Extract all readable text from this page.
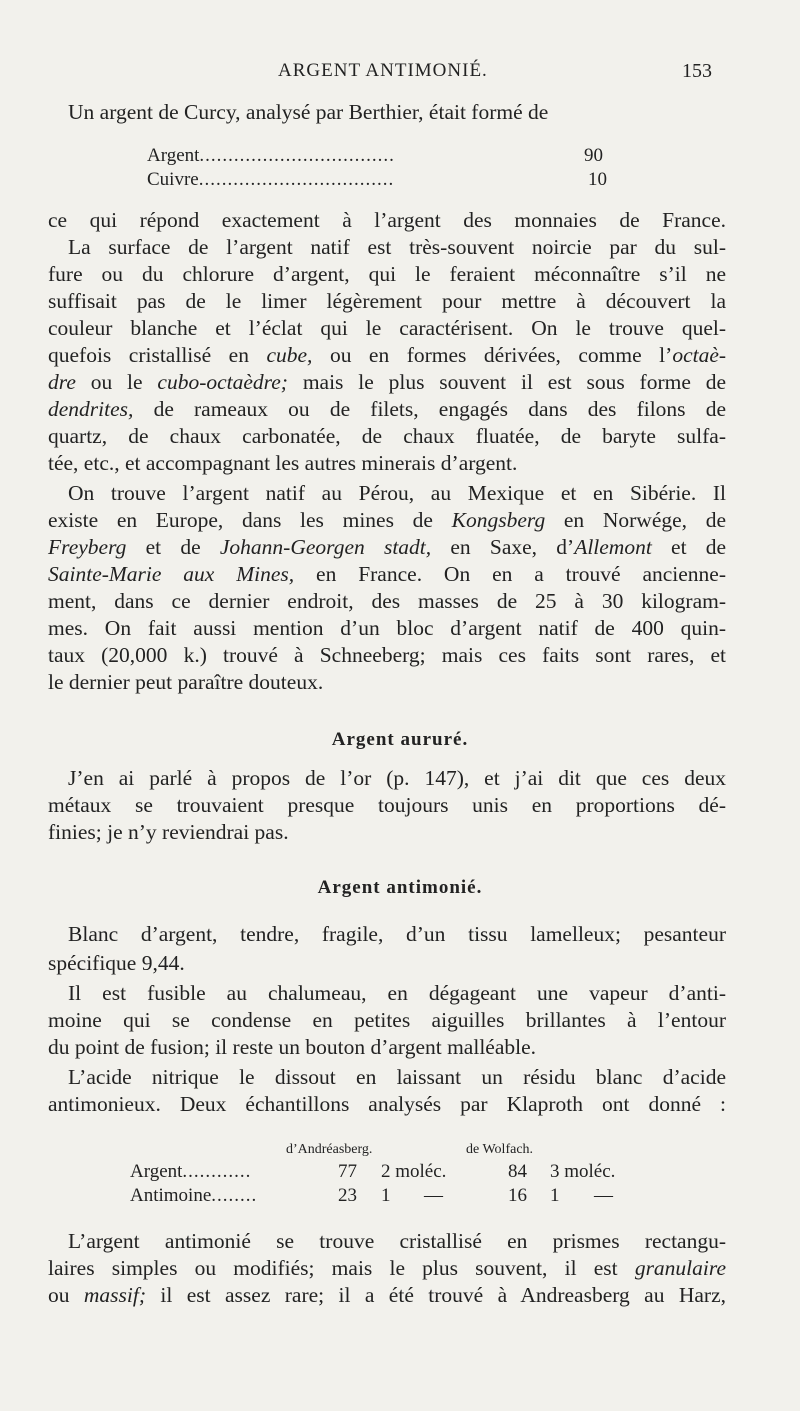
ARGENT ANTIMONIÉ.	153
Un argent de Curcy, analysé par Berthier, était formé de
Argent..................................	90
Cuivre..................................	10
ce qui répond exactement à l’argent des monnaies de France.
La surface de l’argent natif est très-souvent noircie par du sul-
fure ou du chlorure d’argent, qui le feraient méconnaître s’il ne
suffisait pas de le limer légèrement pour mettre à découvert la
couleur blanche et l’éclat qui le caractérisent. On le trouve quel-
quefois cristallisé en cube, ou en formes dérivées, comme l’octaè-
dre ou le cubo-octaèdre; mais le plus souvent il est sous forme de
dendrites, de rameaux ou de filets, engagés dans des filons de
quartz, de chaux carbonatée, de chaux fluatée, de baryte sulfa-
tée, etc., et accompagnant les autres minerais d’argent.
On trouve l’argent natif au Pérou, au Mexique et en Sibérie. Il
existe en Europe, dans les mines de Kongsberg en Norwége, de
Freyberg et de Johann-Georgen stadt, en Saxe, d’Allemont et de
Sainte-Marie aux Mines, en France. On en a trouvé ancienne-
ment, dans ce dernier endroit, des masses de 25 à 30 kilogram-
mes. On fait aussi mention d’un bloc d’argent natif de 400 quin-
taux (20,000 k.) trouvé à Schneeberg; mais ces faits sont rares, et
le dernier peut paraître douteux.
Argent aururé.
J’en ai parlé à propos de l’or (p. 147), et j’ai dit que ces deux
métaux se trouvaient presque toujours unis en proportions dé-
finies; je n’y reviendrai pas.
Argent antimonié.
Blanc d’argent, tendre, fragile, d’un tissu lamelleux; pesanteur
spécifique 9,44.
Il est fusible au chalumeau, en dégageant une vapeur d’anti-
moine qui se condense en petites aiguilles brillantes à l’entour
du point de fusion; il reste un bouton d’argent malléable.
L’acide nitrique le dissout en laissant un résidu blanc d’acide
antimonieux. Deux échantillons analysés par Klaproth ont donné :
d’Andréasberg.	de Wolfach.
Argent............	77 2 moléc.	84 3 moléc.
Antimoine........	23 1 —	16 1 —
L’argent antimonié se trouve cristallisé en prismes rectangu-
laires simples ou modifiés; mais le plus souvent, il est granulaire
ou massif; il est assez rare; il a été trouvé à Andreasberg au Harz,
